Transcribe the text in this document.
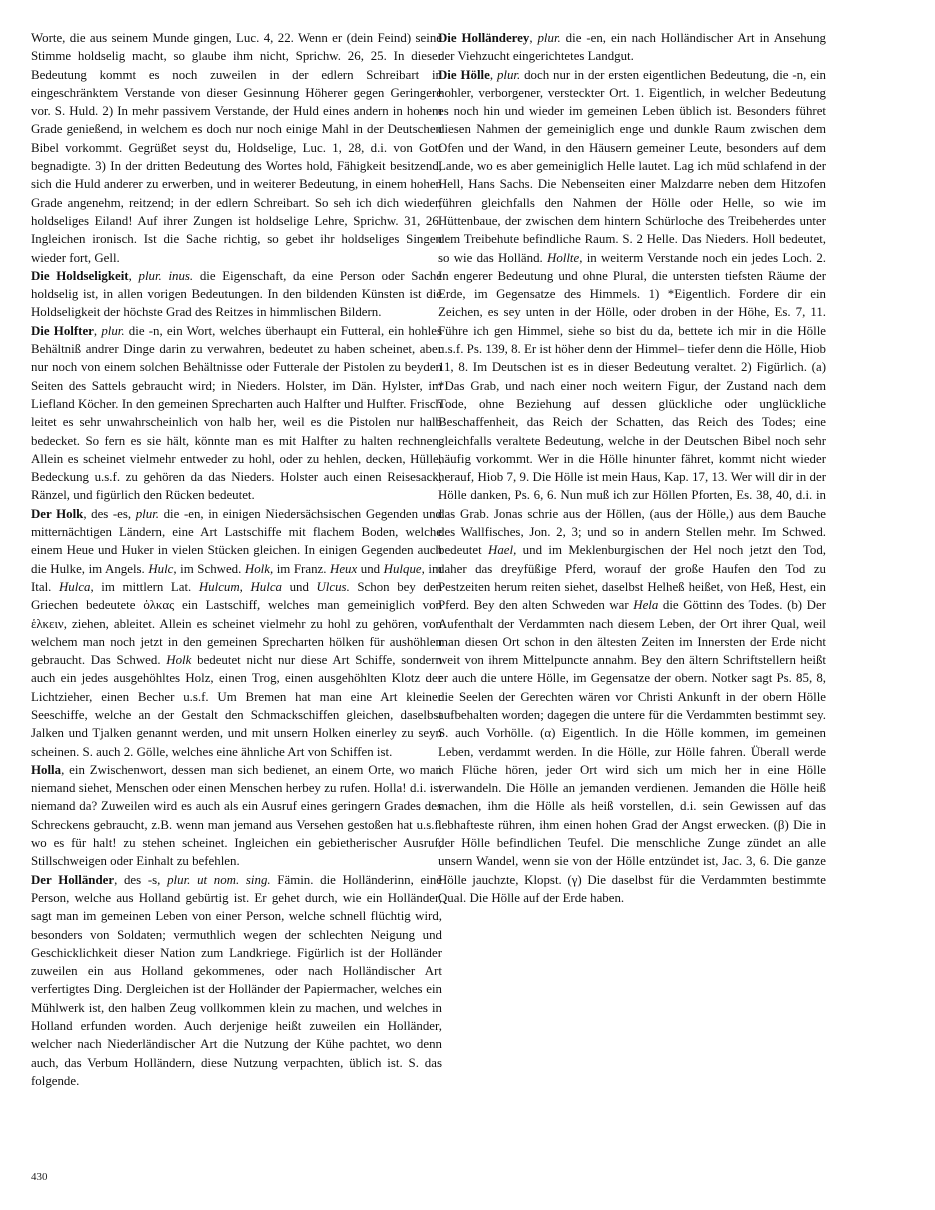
Worte, die aus seinem Munde gingen, Luc. 4, 22. Wenn er (dein Feind) seine Stimme holdselig macht, so glaube ihm nicht, Sprichw. 26, 25. In dieser Bedeutung kommt es noch zuweilen in der edlern Schreibart in eingeschränktem Verstande von dieser Gesinnung Höherer gegen Geringere vor. S. Huld. 2) In mehr passivem Verstande, der Huld eines andern in hohem Grade genießend, in welchem es doch nur noch einige Mahl in der Deutschen Bibel vorkommt. Gegrüßet seyst du, Holdselige, Luc. 1, 28, d.i. von Gott begnadigte. 3) In der dritten Bedeutung des Wortes hold, Fähigkeit besitzend, sich die Huld anderer zu erwerben, und in weiterer Bedeutung, in einem hohen Grade angenehm, reitzend; in der edlern Schreibart. So seh ich dich wieder, holdseliges Eiland! Auf ihrer Zungen ist holdselige Lehre, Sprichw. 31, 26. Ingleichen ironisch. Ist die Sache richtig, so gebet ihr holdseliges Singen wieder fort, Gell.

Die Holdseligkeit, plur. inus. die Eigenschaft, da eine Person oder Sache holdselig ist, in allen vorigen Bedeutungen. In den bildenden Künsten ist die Holdseligkeit der höchste Grad des Reitzes in himmlischen Bildern.

Die Holfter, plur. die -n, ein Wort, welches überhaupt ein Futteral, ein hohles Behältniß andrer Dinge darin zu verwahren, bedeutet zu haben scheinet, aber nur noch von einem solchen Behältnisse oder Futterale der Pistolen zu beyden Seiten des Sattels gebraucht wird; in Nieders. Holster, im Dän. Hylster, im Liefland Köcher. In den gemeinen Sprecharten auch Halfter und Hulfter. Frisch leitet es sehr unwahrscheinlich von halb her, weil es die Pistolen nur halb bedecket. So fern es sie hält, könnte man es mit Halfter zu halten rechnen. Allein es scheinet vielmehr entweder zu hohl, oder zu hehlen, decken, Hülle, Bedeckung u.s.f. zu gehören da das Nieders. Holster auch einen Reisesack, Ränzel, und figürlich den Rücken bedeutet.

Der Holk, des -es, plur. die -en, in einigen Niedersächsischen Gegenden und mitternächtigen Ländern, eine Art Lastschiffe mit flachem Boden, welche einem Heue und Huker in vielen Stücken gleichen. In einigen Gegenden auch die Hulke, im Angels. Hulc, im Schwed. Holk, im Franz. Heux und Hulque, im Ital. Hulca, im mittlern Lat. Hulcum, Hulca und Ulcus. Schon bey den Griechen bedeutete ὁλκας ein Lastschiff, welches man gemeiniglich von ἑλκειν, ziehen, ableitet. Allein es scheinet vielmehr zu hohl zu gehören, von welchem man noch jetzt in den gemeinen Sprecharten hölken für aushöhlen gebraucht. Das Schwed. Holk bedeutet nicht nur diese Art Schiffe, sondern auch ein jedes ausgehöhltes Holz, einen Trog, einen ausgehöhlten Klotz der Lichtzieher, einen Becher u.s.f. Um Bremen hat man eine Art kleiner Seeschiffe, welche an der Gestalt den Schmackschiffen gleichen, daselbst Jalken und Tjalken genannt werden, und mit unsern Holken einerley zu seyn scheinen. S. auch 2. Gölle, welches eine ähnliche Art von Schiffen ist.

Holla, ein Zwischenwort, dessen man sich bedienet, an einem Orte, wo man niemand siehet, Menschen oder einen Menschen herbey zu rufen. Holla! d.i. ist niemand da? Zuweilen wird es auch als ein Ausruf eines geringern Grades des Schreckens gebraucht, z.B. wenn man jemand aus Versehen gestoßen hat u.s.f. wo es für halt! zu stehen scheinet. Ingleichen ein gebietherischer Ausruf, Stillschweigen oder Einhalt zu befehlen.

Der Holländer, des -s, plur. ut nom. sing. Fämin. die Holländerinn, eine Person, welche aus Holland gebürtig ist. Er gehet durch, wie ein Holländer, sagt man im gemeinen Leben von einer Person, welche schnell flüchtig wird, besonders von Soldaten; vermuthlich wegen der schlechten Neigung und Geschicklichkeit dieser Nation zum Landkriege. Figürlich ist der Holländer zuweilen ein aus Holland gekommenes, oder nach Holländischer Art verfertigtes Ding. Dergleichen ist der Holländer der Papiermacher, welches ein Mühlwerk ist, den halben Zeug vollkommen klein zu machen, und welches in Holland erfunden worden. Auch derjenige heißt zuweilen ein Holländer, welcher nach Niederländischer Art die Nutzung der Kühe pachtet, wo denn auch, das Verbum Holländern, diese Nutzung verpachten, üblich ist. S. das folgende.

Die Holländerey, plur. die -en, ein nach Holländischer Art in Ansehung der Viehzucht eingerichtetes Landgut.

Die Hölle, plur. doch nur in der ersten eigentlichen Bedeutung, die -n, ein hohler, verborgener, versteckter Ort. 1. Eigentlich, in welcher Bedeutung es noch hin und wieder im gemeinen Leben üblich ist. Besonders führet diesen Nahmen der gemeiniglich enge und dunkle Raum zwischen dem Ofen und der Wand, in den Häusern gemeiner Leute, besonders auf dem Lande, wo es aber gemeiniglich Helle lautet. Lag ich müd schlafend in der Hell, Hans Sachs. Die Nebenseiten einer Malzdarre neben dem Hitzofen führen gleichfalls den Nahmen der Hölle oder Helle, so wie im Hüttenbaue, der zwischen dem hintern Schürloche des Treibeherdes unter dem Treibehute befindliche Raum. S. 2 Helle. Das Nieders. Holl bedeutet, so wie das Holländ. Hollte, in weiterm Verstande noch ein jedes Loch. 2. In engerer Bedeutung und ohne Plural, die untersten tiefsten Räume der Erde, im Gegensatze des Himmels. 1) *Eigentlich. Fordere dir ein Zeichen, es sey unten in der Hölle, oder droben in der Höhe, Es. 7, 11. Führe ich gen Himmel, siehe so bist du da, bettete ich mir in die Hölle u.s.f. Ps. 139, 8. Er ist höher denn der Himmel– tiefer denn die Hölle, Hiob 11, 8. Im Deutschen ist es in dieser Bedeutung veraltet. 2) Figürlich. (a) *Das Grab, und nach einer noch weitern Figur, der Zustand nach dem Tode, ohne Beziehung auf dessen glückliche oder unglückliche Beschaffenheit, das Reich der Schatten, das Reich des Todes; eine gleichfalls veraltete Bedeutung, welche in der Deutschen Bibel noch sehr häufig vorkommt. Wer in die Hölle hinunter fähret, kommt nicht wieder herauf, Hiob 7, 9. Die Hölle ist mein Haus, Kap. 17, 13. Wer will dir in der Hölle danken, Ps. 6, 6. Nun muß ich zur Höllen Pforten, Es. 38, 40, d.i. in das Grab. Jonas schrie aus der Höllen, (aus der Hölle,) aus dem Bauche des Wallfisches, Jon. 2, 3; und so in andern Stellen mehr. Im Schwed. bedeutet Hael, und im Meklenburgischen der Hel noch jetzt den Tod, daher das dreyfüßige Pferd, worauf der große Haufen den Tod zu Pestzeiten herum reiten siehet, daselbst Helheß heißet, von Heß, Hest, ein Pferd. Bey den alten Schweden war Hela die Göttinn des Todes. (b) Der Aufenthalt der Verdammten nach diesem Leben, der Ort ihrer Qual, weil man diesen Ort schon in den ältesten Zeiten im Innersten der Erde nicht weit von ihrem Mittelpuncte annahm. Bey den ältern Schriftstellern heißt er auch die untere Hölle, im Gegensatze der obern. Notker sagt Ps. 85, 8, die Seelen der Gerechten wären vor Christi Ankunft in der obern Hölle aufbehalten worden; dagegen die untere für die Verdammten bestimmt sey. S. auch Vorhölle. (α) Eigentlich. In die Hölle kommen, im gemeinen Leben, verdammt werden. In die Hölle, zur Hölle fahren. Überall werde ich Flüche hören, jeder Ort wird sich um mich her in eine Hölle verwandeln. Die Hölle an jemanden verdienen. Jemanden die Hölle heiß machen, ihm die Hölle als heiß vorstellen, d.i. sein Gewissen auf das lebhafteste rühren, ihm einen hohen Grad der Angst erwecken. (β) Die in der Hölle befindlichen Teufel. Die menschliche Zunge zündet an alle unsern Wandel, wenn sie von der Hölle entzündet ist, Jac. 3, 6. Die ganze Hölle jauchzte, Klopst. (γ) Die daselbst für die Verdammten bestimmte Qual. Die Hölle auf der Erde haben.

430
